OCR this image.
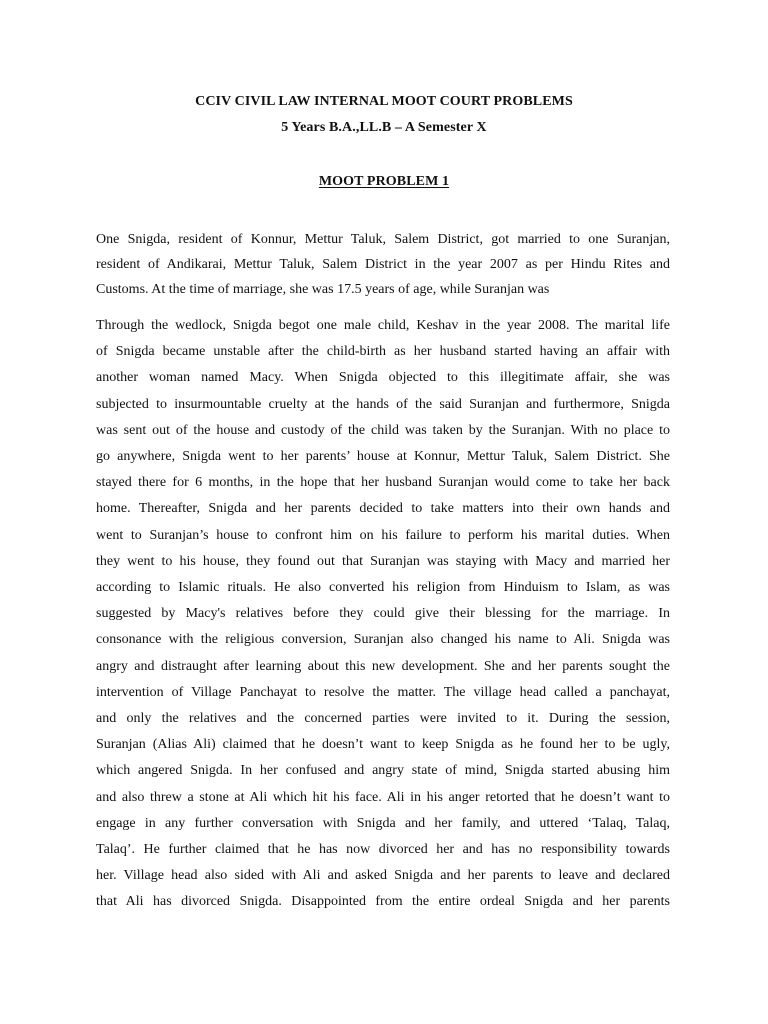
CCIV CIVIL LAW INTERNAL MOOT COURT PROBLEMS
5 Years B.A.,LL.B – A Semester X
MOOT PROBLEM 1
One Snigda, resident of Konnur, Mettur Taluk, Salem District, got married to one Suranjan,
resident of Andikarai, Mettur Taluk, Salem District in the year 2007 as per Hindu Rites and
Customs. At the time of marriage, she was 17.5 years of age, while Suranjan was
Through the wedlock, Snigda begot one male child, Keshav in the year 2008. The marital life
of Snigda became unstable after the child-birth as her husband started having an affair with
another woman named Macy. When Snigda objected to this illegitimate affair, she was
subjected to insurmountable cruelty at the hands of the said Suranjan and furthermore, Snigda
was sent out of the house and custody of the child was taken by the Suranjan. With no place to
go anywhere, Snigda went to her parents’ house at Konnur, Mettur Taluk, Salem District. She
stayed there for 6 months, in the hope that her husband Suranjan would come to take her back
home. Thereafter, Snigda and her parents decided to take matters into their own hands and
went to Suranjan’s house to confront him on his failure to perform his marital duties. When
they went to his house, they found out that Suranjan was staying with Macy and married her
according to Islamic rituals. He also converted his religion from Hinduism to Islam, as was
suggested by Macy's relatives before they could give their blessing for the marriage. In
consonance with the religious conversion, Suranjan also changed his name to Ali. Snigda was
angry and distraught after learning about this new development. She and her parents sought the
intervention of Village Panchayat to resolve the matter. The village head called a panchayat,
and only the relatives and the concerned parties were invited to it. During the session,
Suranjan (Alias Ali) claimed that he doesn’t want to keep Snigda as he found her to be ugly,
which angered Snigda. In her confused and angry state of mind, Snigda started abusing him
and also threw a stone at Ali which hit his face. Ali in his anger retorted that he doesn’t want to
engage in any further conversation with Snigda and her family, and uttered ‘Talaq, Talaq,
Talaq’. He further claimed that he has now divorced her and has no responsibility towards
her. Village head also sided with Ali and asked Snigda and her parents to leave and declared
that Ali has divorced Snigda. Disappointed from the entire ordeal Snigda and her parents
